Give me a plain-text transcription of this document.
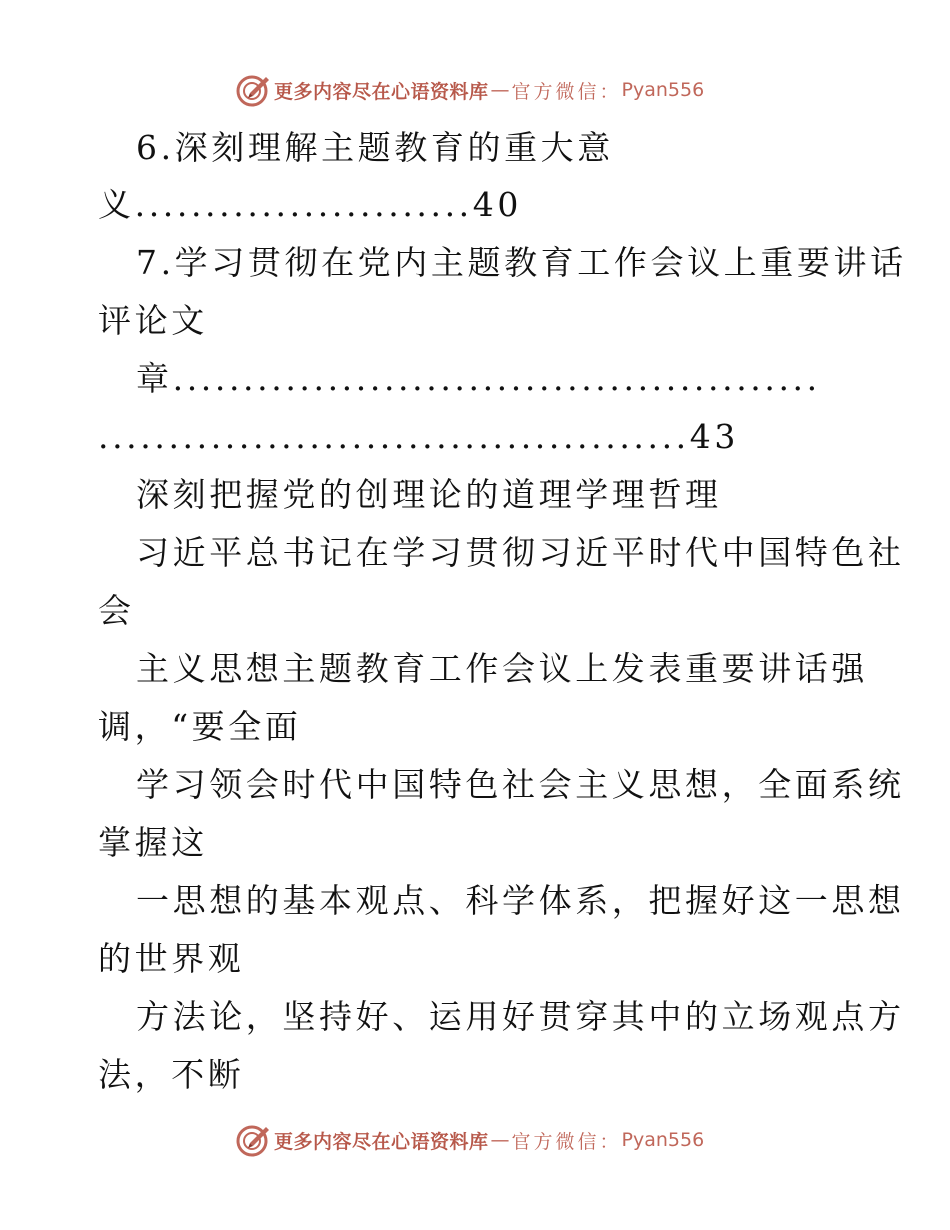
更多内容尽在心语资料库 — 官方微信： Pyan556
6.深刻理解主题教育的重大意
义........................40
7.学习贯彻在党内主题教育工作会议上重要讲话
评论文
章..............................................
..........................................43
深刻把握党的创理论的道理学理哲理
习近平总书记在学习贯彻习近平时代中国特色社
会
主义思想主题教育工作会议上发表重要讲话强
调，“要全面
学习领会时代中国特色社会主义思想，全面系统
掌握这
一思想的基本观点、科学体系，把握好这一思想
的世界观
方法论，坚持好、运用好贯穿其中的立场观点方
法，不断
更多内容尽在心语资料库 — 官方微信： Pyan556
